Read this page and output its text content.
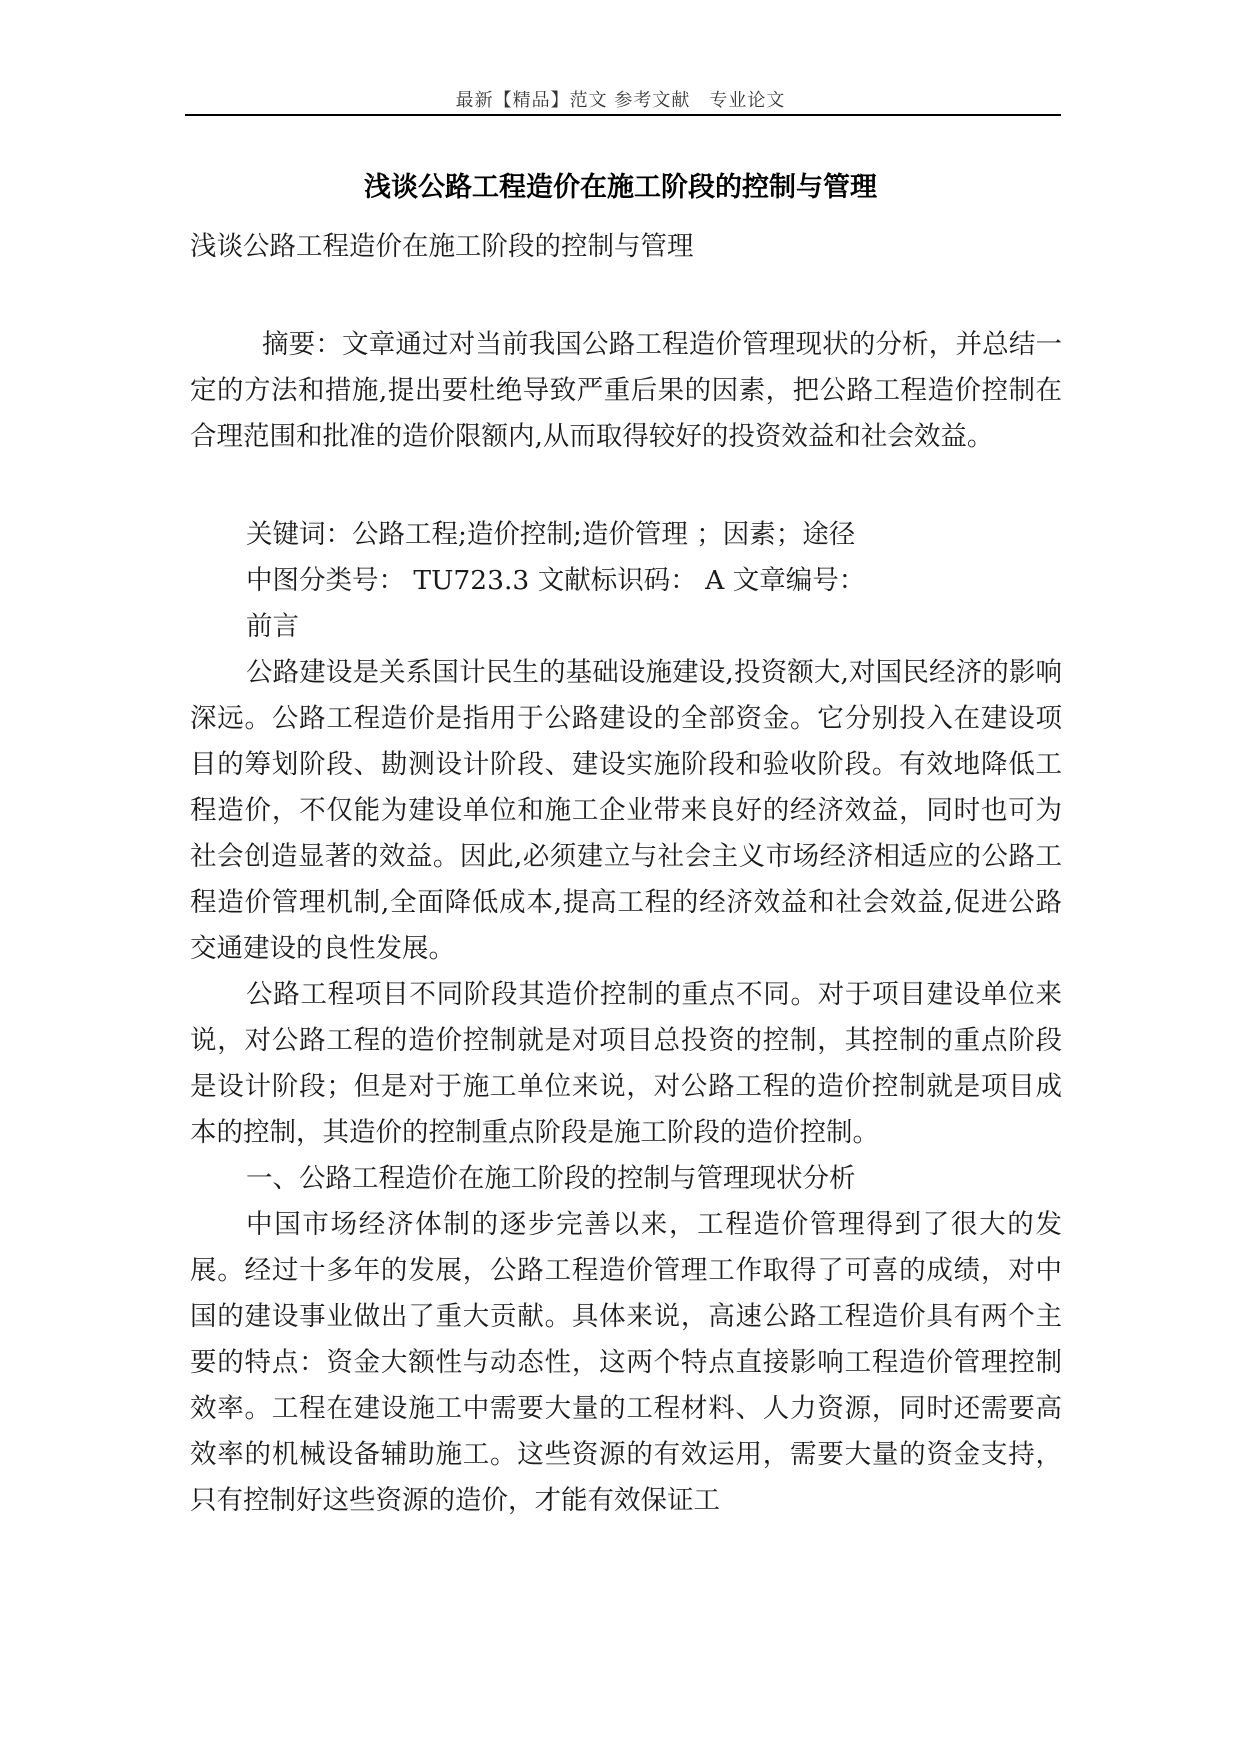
最新【精品】范文 参考文献　专业论文
浅谈公路工程造价在施工阶段的控制与管理

浅谈公路工程造价在施工阶段的控制与管理

摘要：文章通过对当前我国公路工程造价管理现状的分析，并总结一定的方法和措施,提出要杜绝导致严重后果的因素，把公路工程造价控制在合理范围和批准的造价限额内,从而取得较好的投资效益和社会效益。

关键词：公路工程;造价控制;造价管理 ；因素；途径

中图分类号： TU723.3 文献标识码： A 文章编号：

前言

公路建设是关系国计民生的基础设施建设,投资额大,对国民经济的影响深远。公路工程造价是指用于公路建设的全部资金。它分别投入在建设项目的筹划阶段、勘测设计阶段、建设实施阶段和验收阶段。有效地降低工程造价，不仅能为建设单位和施工企业带来良好的经济效益，同时也可为社会创造显著的效益。因此,必须建立与社会主义市场经济相适应的公路工程造价管理机制,全面降低成本,提高工程的经济效益和社会效益,促进公路交通建设的良性发展。

公路工程项目不同阶段其造价控制的重点不同。对于项目建设单位来说，对公路工程的造价控制就是对项目总投资的控制，其控制的重点阶段是设计阶段；但是对于施工单位来说，对公路工程的造价控制就是项目成本的控制，其造价的控制重点阶段是施工阶段的造价控制。

一、公路工程造价在施工阶段的控制与管理现状分析

中国市场经济体制的逐步完善以来，工程造价管理得到了很大的发展。经过十多年的发展，公路工程造价管理工作取得了可喜的成绩，对中国的建设事业做出了重大贡献。具体来说，高速公路工程造价具有两个主要的特点：资金大额性与动态性，这两个特点直接影响工程造价管理控制效率。工程在建设施工中需要大量的工程材料、人力资源，同时还需要高效率的机械设备辅助施工。这些资源的有效运用，需要大量的资金支持，只有控制好这些资源的造价，才能有效保证工
